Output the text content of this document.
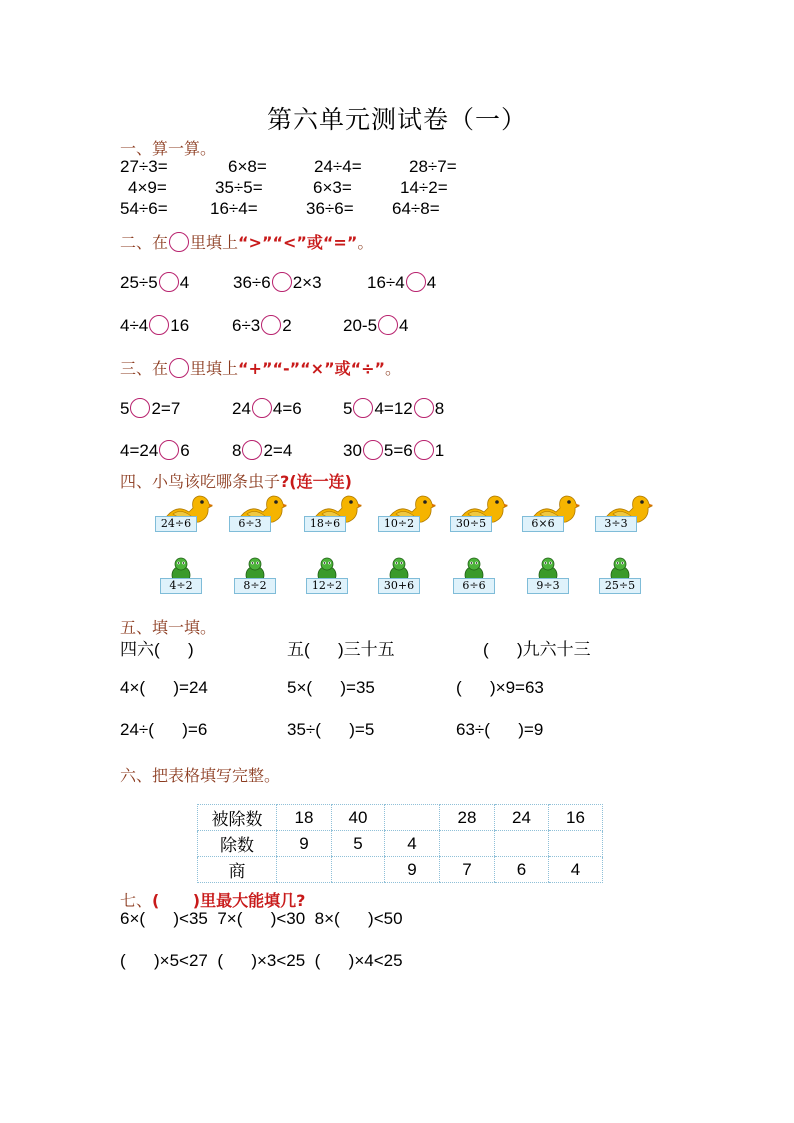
第六单元测试卷（一）
一、算一算。
27÷3=	6×8=	24÷4=	28÷7=
4×9=	35÷5=	6×3=	14÷2=
54÷6= 16÷4=	36÷6= 64÷8=
二、在 里填上“>”“<”或“=”。
25÷5 4	36÷6 2×3	16÷4 4
4÷4 16	6÷3 2	20-5 4
三、在 里填上“+”“-”“×”或“÷”。
5 2=7	24 4=6 5 4=12 8
4=24 6 8 2=4	30 5=6 1
四、小鸟该吃哪条虫子?(连一连)
24÷6	6÷3	18÷6	10÷2	30÷5	6×6	3÷3
4÷2	8÷2	12÷2	30+6	6÷6	9÷3	25÷5
五、填一填。
四六(      )	五(      )三十五	(      )九六十三
4×(      )=24	5×(      )=35	(      )×9=63
24÷(      )=6	35÷(      )=5	63÷(      )=9
六、把表格填写完整。
被除数	18	40		28	24	16
除数	9	5	4			
商			9	7	6	4
七、(      )里最大能填几?
6×(      )<35  7×(      )<30  8×(      )<50
(      )×5<27  (      )×3<25  (      )×4<25
